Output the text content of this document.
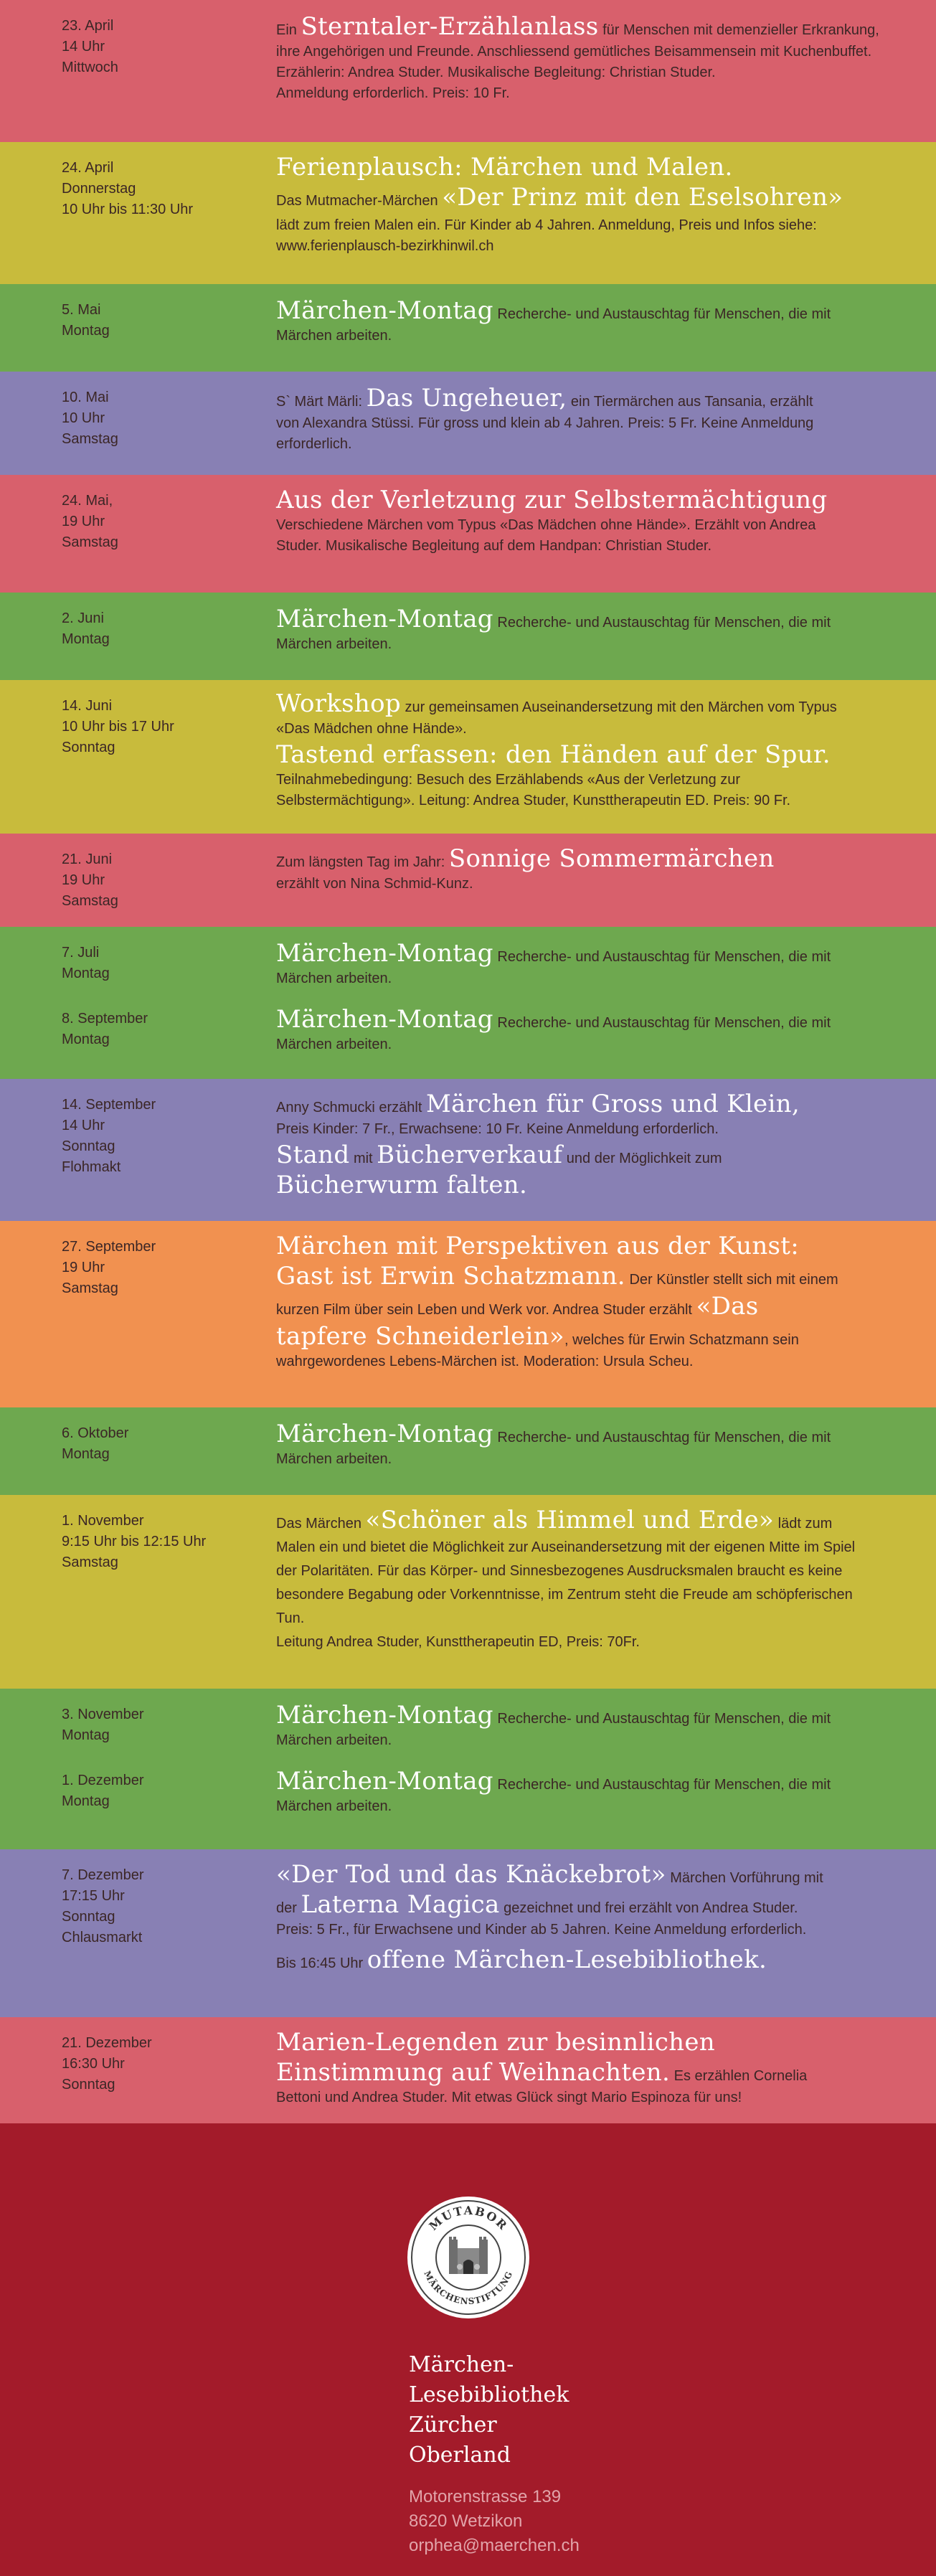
23. April
14 Uhr
Mittwoch

Ein Sterntaler-Erzählanlass für Menschen mit demenzieller Erkrankung, ihre Angehörigen und Freunde. Anschliessend gemütliches Beisammensein mit Kuchenbuffet.

Erzählerin: Andrea Studer. Musikalische Begleitung: Christian Studer.

Anmeldung erforderlich. Preis: 10 Fr.

24. April
Donnerstag
10 Uhr bis 11:30 Uhr

Ferienplausch: Märchen und Malen.

Das Mutmacher-Märchen «Der Prinz mit den Eselsohren»

lädt zum freien Malen ein. Für Kinder ab 4 Jahren. Anmeldung, Preis und Infos siehe: www.ferienplausch-bezirkhinwil.ch

5. Mai
Montag

Märchen-Montag Recherche- und Austauschtag für Menschen, die mit Märchen arbeiten.

10. Mai
10 Uhr
Samstag

S` Märt Märli: Das Ungeheuer, ein Tiermärchen aus Tansania, erzählt von Alexandra Stüssi. Für gross und klein ab 4 Jahren. Preis: 5 Fr. Keine Anmeldung erforderlich.

24. Mai,
19 Uhr
Samstag

Aus der Verletzung zur Selbstermächtigung

Verschiedene Märchen vom Typus «Das Mädchen ohne Hände». Erzählt von Andrea Studer. Musikalische Begleitung auf dem Handpan: Christian Studer.

2. Juni
Montag

Märchen-Montag Recherche- und Austauschtag für Menschen, die mit Märchen arbeiten.

14. Juni
10 Uhr bis 17 Uhr
Sonntag

Workshop zur gemeinsamen Auseinandersetzung mit den Märchen vom Typus «Das Mädchen ohne Hände».

Tastend erfassen: den Händen auf der Spur.

Teilnahmebedingung: Besuch des Erzählabends «Aus der Verletzung zur Selbstermächtigung». Leitung: Andrea Studer, Kunsttherapeutin ED. Preis: 90 Fr.

21. Juni
19 Uhr
Samstag

Zum längsten Tag im Jahr: Sonnige Sommermärchen

erzählt von Nina Schmid-Kunz.

7. Juli
Montag

Märchen-Montag Recherche- und Austauschtag für Menschen, die mit Märchen arbeiten.

8. September
Montag

Märchen-Montag Recherche- und Austauschtag für Menschen, die mit Märchen arbeiten.

14. September
14 Uhr
Sonntag
Flohmakt

Anny Schmucki erzählt Märchen für Gross und Klein,

Preis Kinder: 7 Fr., Erwachsene: 10 Fr. Keine Anmeldung erforderlich.

Stand mit Bücherverkauf und der Möglichkeit zum

Bücherwurm falten.

27. September
19 Uhr
Samstag

Märchen mit Perspektiven aus der Kunst:

Gast ist Erwin Schatzmann. Der Künstler stellt sich mit einem kurzen Film über sein Leben und Werk vor. Andrea Studer erzählt «Das tapfere Schneiderlein», welches für Erwin Schatzmann sein wahrgewordenes Lebens-Märchen ist. Moderation: Ursula Scheu.

6. Oktober
Montag

Märchen-Montag Recherche- und Austauschtag für Menschen, die mit Märchen arbeiten.

1. November
9:15 Uhr bis 12:15 Uhr
Samstag

Das Märchen «Schöner als Himmel und Erde» lädt zum Malen ein und bietet die Möglichkeit zur Auseinandersetzung mit der eigenen Mitte im Spiel der Polaritäten. Für das Körper- und Sinnesbezogenes Ausdrucksmalen braucht es keine besondere Begabung oder Vorkenntnisse, im Zentrum steht die Freude am schöpferischen Tun.

Leitung Andrea Studer, Kunsttherapeutin ED, Preis: 70Fr.

3. November
Montag

Märchen-Montag Recherche- und Austauschtag für Menschen, die mit Märchen arbeiten.

1. Dezember
Montag

Märchen-Montag Recherche- und Austauschtag für Menschen, die mit Märchen arbeiten.

7. Dezember
17:15 Uhr
Sonntag
Chlausmarkt

«Der Tod und das Knäckebrot» Märchen Vorführung mit der Laterna Magica gezeichnet und frei erzählt von Andrea Studer. Preis: 5 Fr., für Erwachsene und Kinder ab 5 Jahren. Keine Anmeldung erforderlich.

Bis 16:45 Uhr offene Märchen-Lesebibliothek.

21. Dezember
16:30 Uhr
Sonntag

Marien-Legenden zur besinnlichen Einstimmung auf Weihnachten. Es erzählen Cornelia Bettoni und Andrea Studer. Mit etwas Glück singt Mario Espinoza für uns!

MUTABOR
MÄRCHENSTIFTUNG
Märchen-
Lesebibliothek
Zürcher
Oberland
Motorenstrasse 139
8620 Wetzikon
orphea@maerchen.ch
